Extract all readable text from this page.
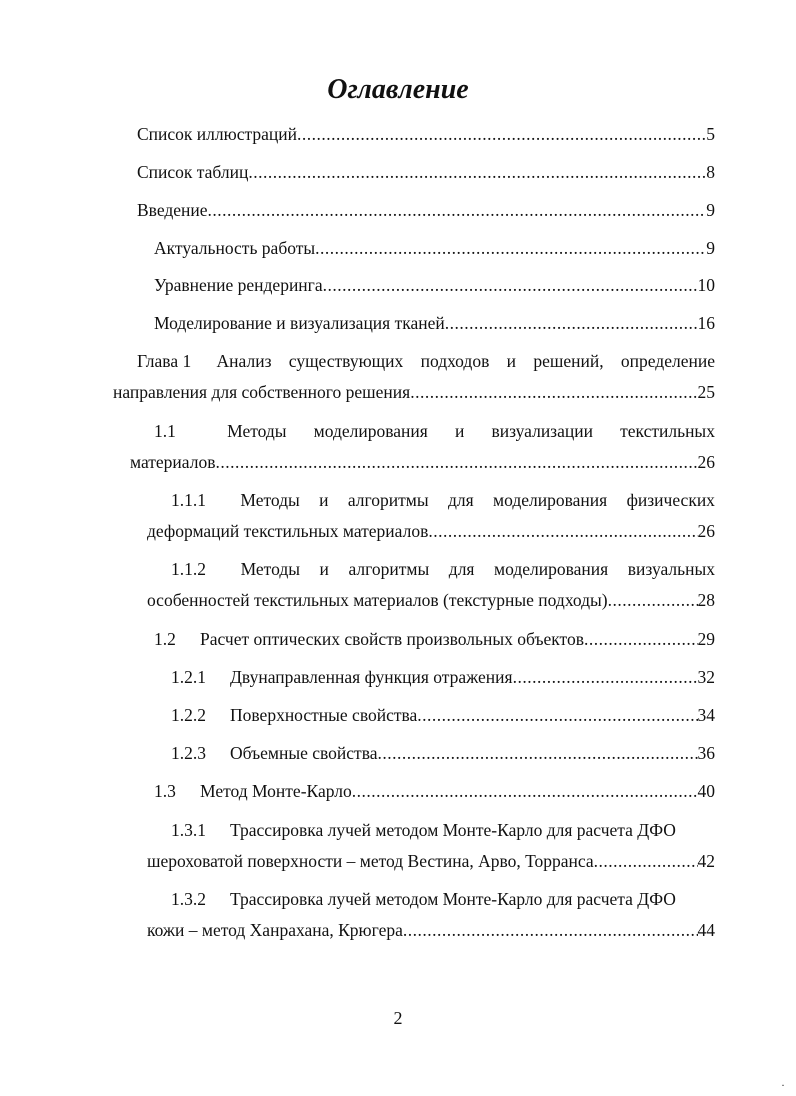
Оглавление
Список иллюстраций .....	5
Список таблиц .....	8
Введение .....	9
Актуальность работы .....	9
Уравнение рендеринга .....	10
Моделирование и визуализация тканей .....	16
Глава 1 Анализ существующих подходов и решений, определение
направления для собственного решения .....	25
1.1	Методы моделирования и визуализации текстильных
материалов .....	26
1.1.1	Методы и алгоритмы для моделирования физических
деформаций текстильных материалов .....	26
1.1.2	Методы и алгоритмы для моделирования визуальных
особенностей текстильных материалов (текстурные подходы) .....	28
1.2	Расчет оптических свойств произвольных объектов .....	29
1.2.1	Двунаправленная функция отражения .....	32
1.2.2	Поверхностные свойства .....	34
1.2.3	Объемные свойства .....	36
1.3	Метод Монте-Карло .....	40
1.3.1	Трассировка лучей методом Монте-Карло для расчета ДФО
шероховатой поверхности – метод Вестина, Арво, Торранса .....	42
1.3.2	Трассировка лучей методом Монте-Карло для расчета ДФО
кожи – метод Ханрахана, Крюгера .....	44
2
·
